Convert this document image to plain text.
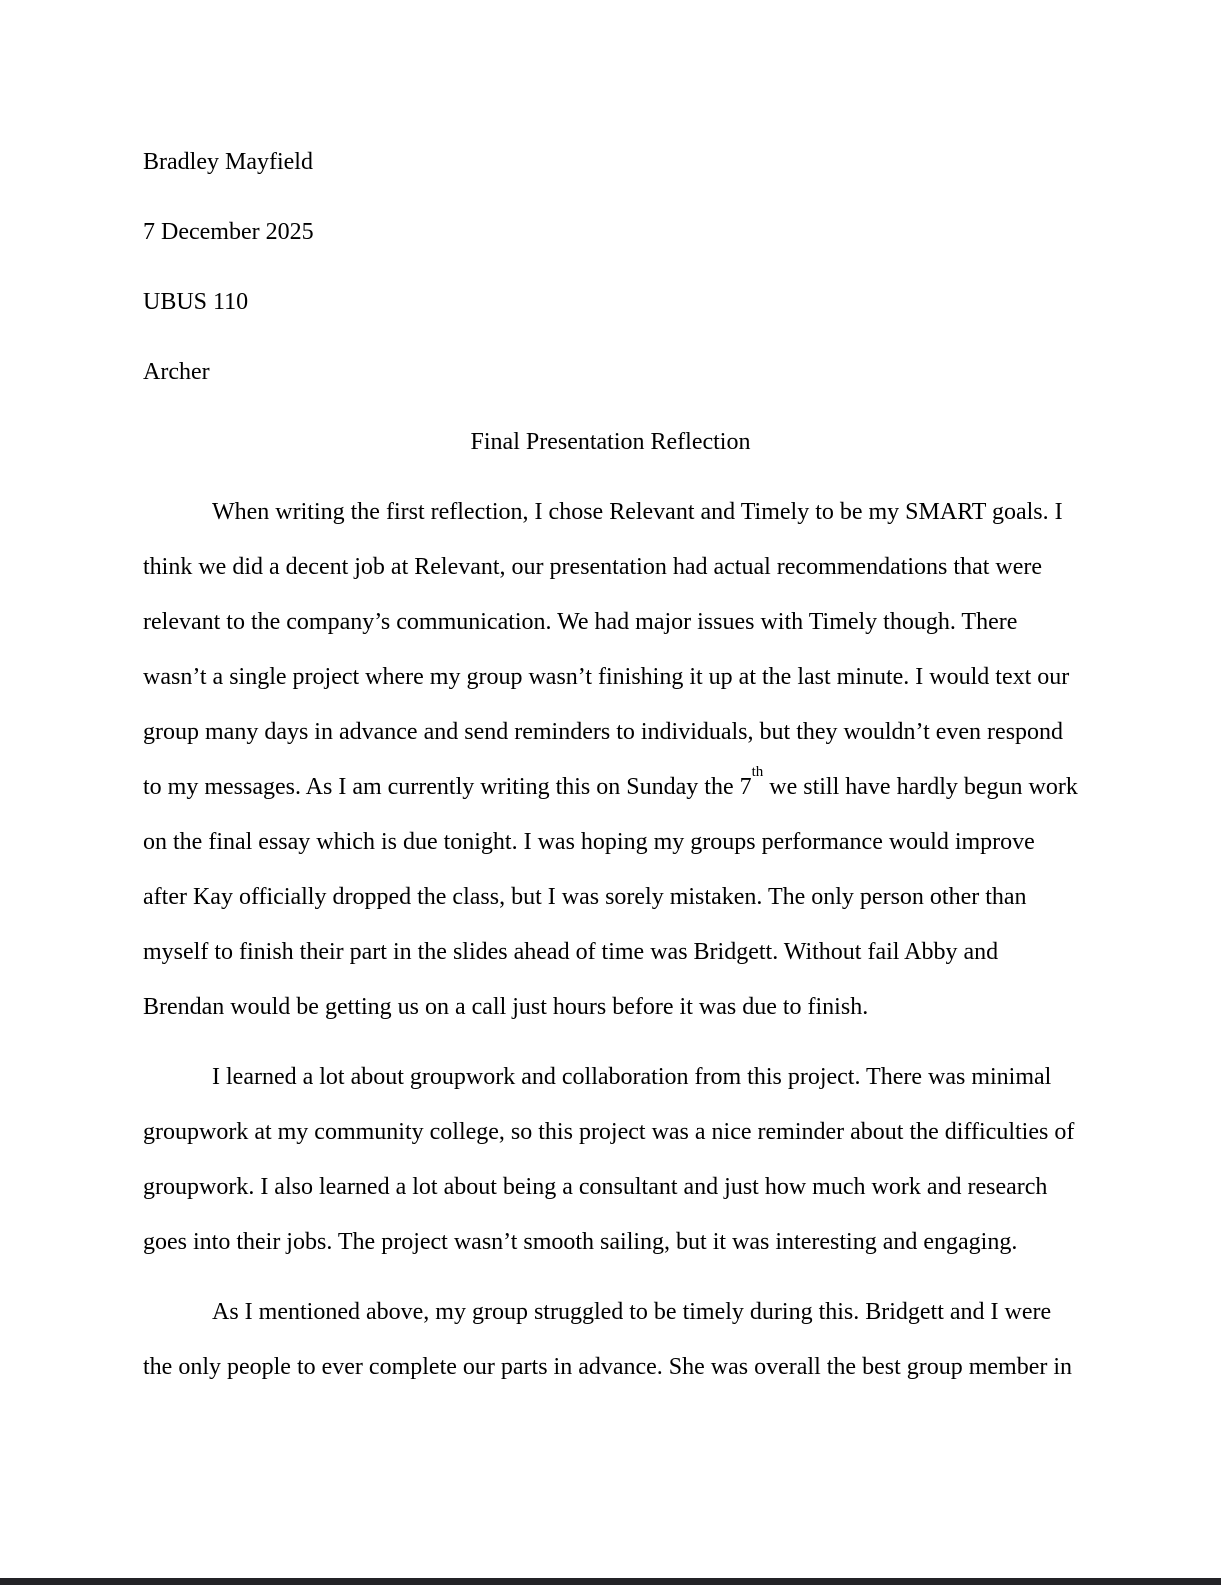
Bradley Mayfield
7 December 2025
UBUS 110
Archer
Final Presentation Reflection
When writing the first reflection, I chose Relevant and Timely to be my SMART goals. I
think we did a decent job at Relevant, our presentation had actual recommendations that were
relevant to the company’s communication. We had major issues with Timely though. There
wasn’t a single project where my group wasn’t finishing it up at the last minute. I would text our
group many days in advance and send reminders to individuals, but they wouldn’t even respond
to my messages. As I am currently writing this on Sunday the 7th we still have hardly begun work
on the final essay which is due tonight. I was hoping my groups performance would improve
after Kay officially dropped the class, but I was sorely mistaken. The only person other than
myself to finish their part in the slides ahead of time was Bridgett. Without fail Abby and
Brendan would be getting us on a call just hours before it was due to finish.
I learned a lot about groupwork and collaboration from this project. There was minimal
groupwork at my community college, so this project was a nice reminder about the difficulties of
groupwork. I also learned a lot about being a consultant and just how much work and research
goes into their jobs. The project wasn’t smooth sailing, but it was interesting and engaging.
As I mentioned above, my group struggled to be timely during this. Bridgett and I were
the only people to ever complete our parts in advance. She was overall the best group member in
